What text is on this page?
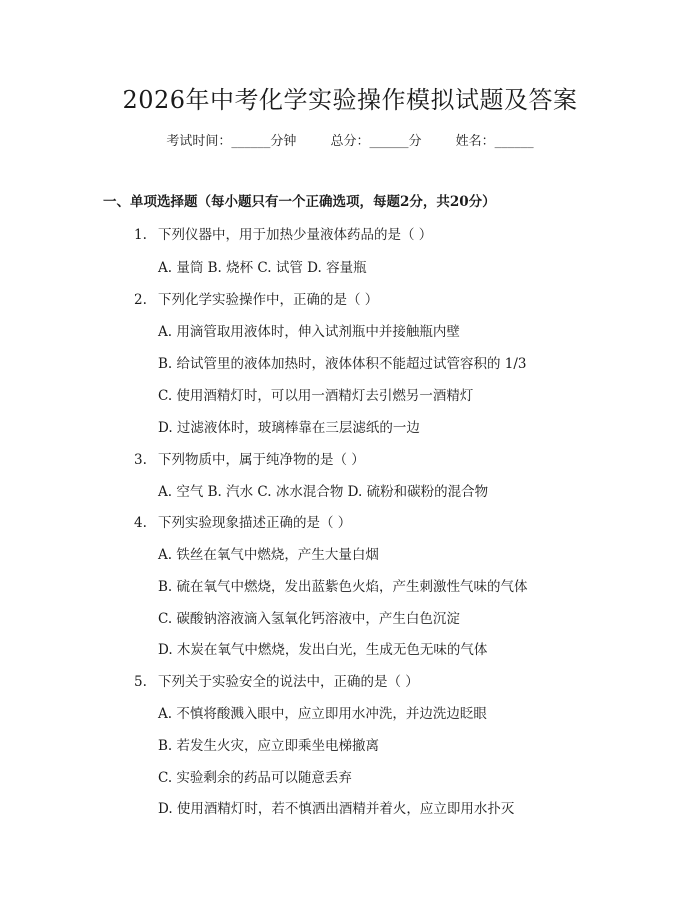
2026年中考化学实验操作模拟试题及答案
考试时间：______分钟	总分：______分	姓名：______
一、单项选择题（每小题只有一个正确选项，每题2分，共20分）
1. 下列仪器中，用于加热少量液体药品的是（ ）
A. 量筒 B. 烧杯 C. 试管 D. 容量瓶
2. 下列化学实验操作中，正确的是（ ）
A. 用滴管取用液体时，伸入试剂瓶中并接触瓶内壁
B. 给试管里的液体加热时，液体体积不能超过试管容积的 1/3
C. 使用酒精灯时，可以用一酒精灯去引燃另一酒精灯
D. 过滤液体时，玻璃棒靠在三层滤纸的一边
3. 下列物质中，属于纯净物的是（ ）
A. 空气 B. 汽水 C. 冰水混合物 D. 硫粉和碳粉的混合物
4. 下列实验现象描述正确的是（ ）
A. 铁丝在氧气中燃烧，产生大量白烟
B. 硫在氧气中燃烧，发出蓝紫色火焰，产生刺激性气味的气体
C. 碳酸钠溶液滴入氢氧化钙溶液中，产生白色沉淀
D. 木炭在氧气中燃烧，发出白光，生成无色无味的气体
5. 下列关于实验安全的说法中，正确的是（ ）
A. 不慎将酸溅入眼中，应立即用水冲洗，并边洗边眨眼
B. 若发生火灾，应立即乘坐电梯撤离
C. 实验剩余的药品可以随意丢弃
D. 使用酒精灯时，若不慎洒出酒精并着火，应立即用水扑灭
